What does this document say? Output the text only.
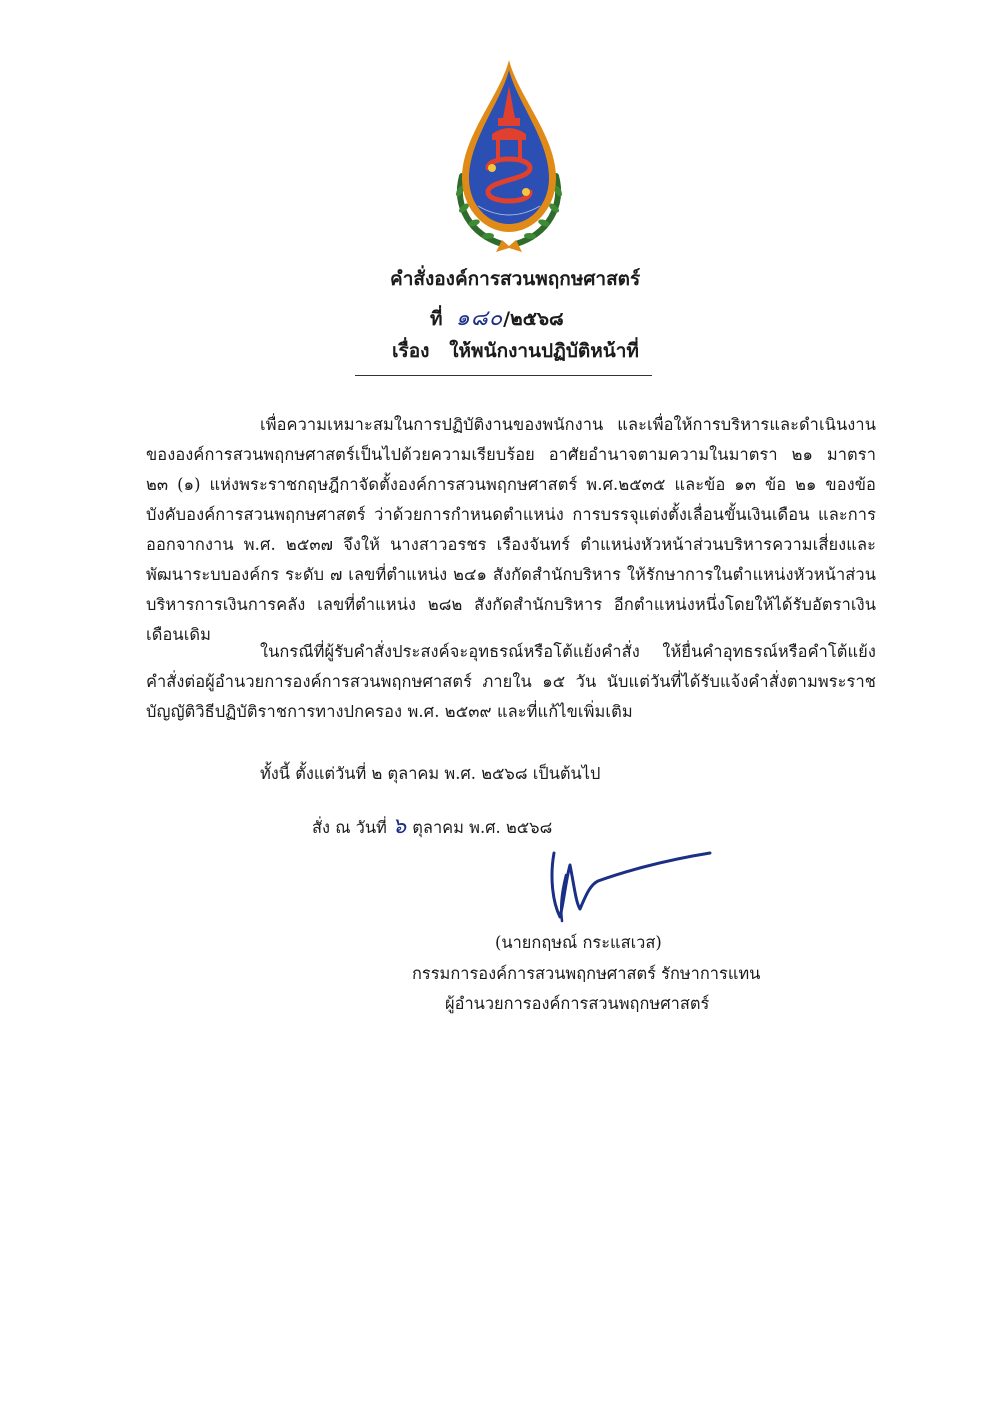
คำสั่งองค์การสวนพฤกษศาสตร์
ที่ ๑๘๐/๒๕๖๘
เรื่อง ให้พนักงานปฏิบัติหน้าที่
เพื่อความเหมาะสมในการปฏิบัติงานของพนักงาน และเพื่อให้การบริหารและดำเนินงานขององค์การสวนพฤกษศาสตร์เป็นไปด้วยความเรียบร้อย อาศัยอำนาจตามความในมาตรา ๒๑ มาตรา ๒๓ (๑) แห่งพระราชกฤษฎีกาจัดตั้งองค์การสวนพฤกษศาสตร์ พ.ศ.๒๕๓๕ และข้อ ๑๓ ข้อ ๒๑ ของข้อบังคับองค์การสวนพฤกษศาสตร์ ว่าด้วยการกำหนดตำแหน่ง การบรรจุแต่งตั้งเลื่อนขั้นเงินเดือน และการออกจากงาน พ.ศ. ๒๕๓๗ จึงให้ นางสาวอรชร เรืองจันทร์ ตำแหน่งหัวหน้าส่วนบริหารความเสี่ยงและพัฒนาระบบองค์กร ระดับ ๗ เลขที่ตำแหน่ง ๒๔๑ สังกัดสำนักบริหาร ให้รักษาการในตำแหน่งหัวหน้าส่วนบริหารการเงินการคลัง เลขที่ตำแหน่ง ๒๘๒ สังกัดสำนักบริหาร อีกตำแหน่งหนึ่งโดยให้ได้รับอัตราเงินเดือนเดิม
ในกรณีที่ผู้รับคำสั่งประสงค์จะอุทธรณ์หรือโต้แย้งคำสั่ง ให้ยื่นคำอุทธรณ์หรือคำโต้แย้งคำสั่งต่อผู้อำนวยการองค์การสวนพฤกษศาสตร์ ภายใน ๑๕ วัน นับแต่วันที่ได้รับแจ้งคำสั่งตามพระราชบัญญัติวิธีปฏิบัติราชการทางปกครอง พ.ศ. ๒๕๓๙ และที่แก้ไขเพิ่มเติม
ทั้งนี้ ตั้งแต่วันที่ ๒ ตุลาคม พ.ศ. ๒๕๖๘ เป็นต้นไป
สั่ง ณ วันที่ ๖ ตุลาคม พ.ศ. ๒๕๖๘
(นายกฤษณ์ กระแสเวส)
กรรมการองค์การสวนพฤกษศาสตร์ รักษาการแทน
ผู้อำนวยการองค์การสวนพฤกษศาสตร์
